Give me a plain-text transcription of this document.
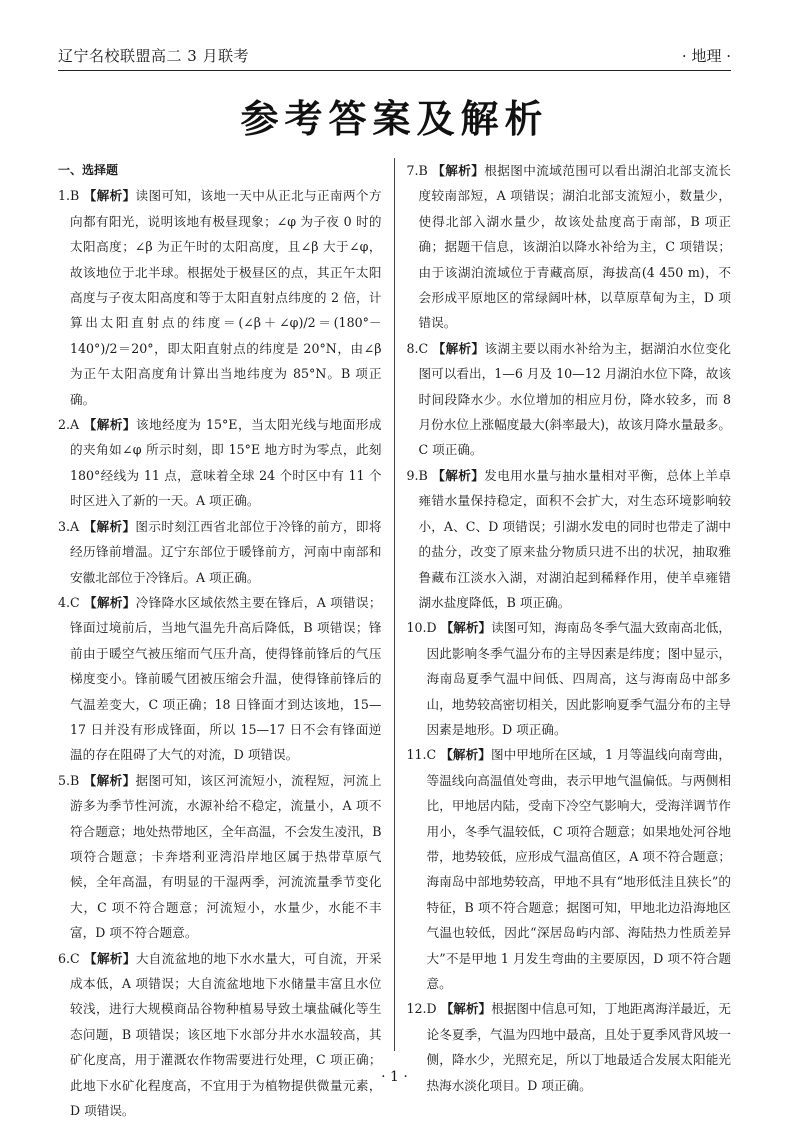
辽宁名校联盟高二 3 月联考	· 地理 ·
参考答案及解析
一、选择题

1.B 【解析】读图可知，该地一天中从正北与正南两个方向都有阳光，说明该地有极昼现象；∠φ 为子夜 0 时的太阳高度；∠β 为正午时的太阳高度，且∠β 大于∠φ，故该地位于北半球。根据处于极昼区的点，其正午太阳高度与子夜太阳高度和等于太阳直射点纬度的 2 倍，计算出太阳直射点的纬度＝(∠β＋∠φ)/2＝(180°－140°)/2＝20°，即太阳直射点的纬度是 20°N，由∠β 为正午太阳高度角计算出当地纬度为 85°N。B 项正确。

2.A 【解析】该地经度为 15°E，当太阳光线与地面形成的夹角如∠φ 所示时刻，即 15°E 地方时为零点，此刻 180°经线为 11 点，意味着全球 24 个时区中有 11 个时区进入了新的一天。A 项正确。

3.A 【解析】图示时刻江西省北部位于冷锋的前方，即将经历锋前增温。辽宁东部位于暖锋前方，河南中南部和安徽北部位于冷锋后。A 项正确。

4.C 【解析】冷锋降水区域依然主要在锋后，A 项错误；锋面过境前后，当地气温先升高后降低，B 项错误；锋前由于暖空气被压缩而气压升高，使得锋前锋后的气压梯度变小。锋前暖气团被压缩会升温，使得锋前锋后的气温差变大，C 项正确；18 日锋面才到达该地，15—17 日并没有形成锋面，所以 15—17 日不会有锋面逆温的存在阻碍了大气的对流，D 项错误。

5.B 【解析】据图可知，该区河流短小，流程短，河流上游多为季节性河流，水源补给不稳定，流量小，A 项不符合题意；地处热带地区，全年高温，不会发生凌汛，B 项符合题意；卡奔塔利亚湾沿岸地区属于热带草原气候，全年高温，有明显的干湿两季，河流流量季节变化大，C 项不符合题意；河流短小，水量少，水能不丰富，D 项不符合题意。

6.C 【解析】大自流盆地的地下水水量大，可自流，开采成本低，A 项错误；大自流盆地地下水储量丰富且水位较浅，进行大规模商品谷物种植易导致土壤盐碱化等生态问题，B 项错误；该区地下水部分井水水温较高，其矿化度高，用于灌溉农作物需要进行处理，C 项正确；此地下水矿化程度高，不宜用于为植物提供微量元素，D 项错误。

7.B 【解析】根据图中流域范围可以看出湖泊北部支流长度较南部短，A 项错误；湖泊北部支流短小，数量少，使得北部入湖水量少，故该处盐度高于南部，B 项正确；据题干信息，该湖泊以降水补给为主，C 项错误；由于该湖泊流域位于青藏高原，海拔高(4 450 m)，不会形成平原地区的常绿阔叶林，以草原草甸为主，D 项错误。

8.C 【解析】该湖主要以雨水补给为主，据湖泊水位变化图可以看出，1—6 月及 10—12 月湖泊水位下降，故该时间段降水少。水位增加的相应月份，降水较多，而 8 月份水位上涨幅度最大(斜率最大)，故该月降水量最多。C 项正确。

9.B 【解析】发电用水量与抽水量相对平衡，总体上羊卓雍错水量保持稳定，面积不会扩大，对生态环境影响较小，A、C、D 项错误；引湖水发电的同时也带走了湖中的盐分，改变了原来盐分物质只进不出的状况，抽取雅鲁藏布江淡水入湖，对湖泊起到稀释作用，使羊卓雍错湖水盐度降低，B 项正确。

10.D 【解析】读图可知，海南岛冬季气温大致南高北低，因此影响冬季气温分布的主导因素是纬度；图中显示，海南岛夏季气温中间低、四周高，这与海南岛中部多山，地势较高密切相关，因此影响夏季气温分布的主导因素是地形。D 项正确。

11.C 【解析】图中甲地所在区域，1 月等温线向南弯曲，等温线向高温值处弯曲，表示甲地气温偏低。与两侧相比，甲地居内陆，受南下冷空气影响大，受海洋调节作用小，冬季气温较低，C 项符合题意；如果地处河谷地带，地势较低，应形成气温高值区，A 项不符合题意；海南岛中部地势较高，甲地不具有“地形低洼且狭长”的特征，B 项不符合题意；据图可知，甲地北边沿海地区气温也较低，因此“深居岛屿内部、海陆热力性质差异大”不是甲地 1 月发生弯曲的主要原因，D 项不符合题意。

12.D 【解析】根据图中信息可知，丁地距离海洋最近，无论冬夏季，气温为四地中最高，且处于夏季风背风坡一侧，降水少，光照充足，所以丁地最适合发展太阳能光热海水淡化项目。D 项正确。

· 1 ·
